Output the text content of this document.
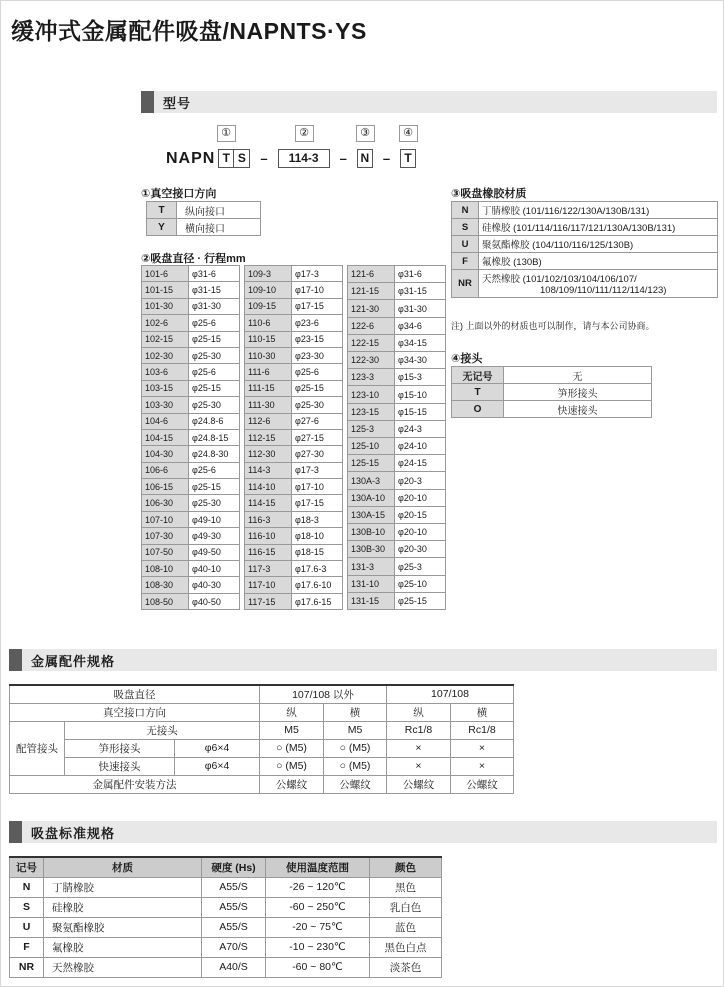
缓冲式金属配件吸盘/NAPNTS·YS
型号
①	②	③	④
NAPN T S	–	114-3	–	N –	T
①真空接口方向
T	纵向接口
Y	横向接口
②吸盘直径 · 行程mm
101-6	φ31-6
101-15	φ31-15
101-30	φ31-30
102-6	φ25-6
102-15	φ25-15
102-30	φ25-30
103-6	φ25-6
103-15	φ25-15
103-30	φ25-30
104-6	φ24.8-6
104-15	φ24.8-15
104-30	φ24.8-30
106-6	φ25-6
106-15	φ25-15
106-30	φ25-30
107-10	φ49-10
107-30	φ49-30
107-50	φ49-50
108-10	φ40-10
108-30	φ40-30
108-50	φ40-50
109-3	φ17-3
109-10	φ17-10
109-15	φ17-15
110-6	φ23-6
110-15	φ23-15
110-30	φ23-30
111-6	φ25-6
111-15	φ25-15
111-30	φ25-30
112-6	φ27-6
112-15	φ27-15
112-30	φ27-30
114-3	φ17-3
114-10	φ17-10
114-15	φ17-15
116-3	φ18-3
116-10	φ18-10
116-15	φ18-15
117-3	φ17.6-3
117-10	φ17.6-10
117-15	φ17.6-15
121-6	φ31-6
121-15	φ31-15
121-30	φ31-30
122-6	φ34-6
122-15	φ34-15
122-30	φ34-30
123-3	φ15-3
123-10	φ15-10
123-15	φ15-15
125-3	φ24-3
125-10	φ24-10
125-15	φ24-15
130A-3	φ20-3
130A-10	φ20-10
130A-15	φ20-15
130B-10	φ20-10
130B-30	φ20-30
131-3	φ25-3
131-10	φ25-10
131-15	φ25-15
③吸盘橡胶材质
N	丁腈橡胶 (101/116/122/130A/130B/131)

S	硅橡胶 (101/114/116/117/121/130A/130B/131)

U	聚氨酯橡胶 (104/110/116/125/130B)

F	氟橡胶 (130B)

NR	天然橡胶 (101/102/103/104/106/107/
108/109/110/111/112/114/123)
注) 上面以外的材质也可以制作，请与本公司协商。
④接头
无记号	无
T	笋形接头
O	快速接头
金属配件规格
吸盘直径			107/108 以外		107/108	
真空接口方向			纵	横	纵	横
配管接头	无接头		M5	M5	Rc1/8	Rc1/8
	笋形接头	φ6×4	○ (M5)	○ (M5)	×	×
	快速接头	φ6×4	○ (M5)	○ (M5)	×	×
金属配件安装方法			公螺纹	公螺纹	公螺纹	公螺纹
吸盘标准规格
记号	材质	硬度 (Hs)	使用温度范围	颜色
N	丁腈橡胶	A55/S	-26 ~ 120℃	黑色
S	硅橡胶	A55/S	-60 ~ 250℃	乳白色
U	聚氨酯橡胶	A55/S	-20 ~ 75℃	蓝色
F	氟橡胶	A70/S	-10 ~ 230℃	黑色白点
NR	天然橡胶	A40/S	-60 ~ 80℃	淡茶色
